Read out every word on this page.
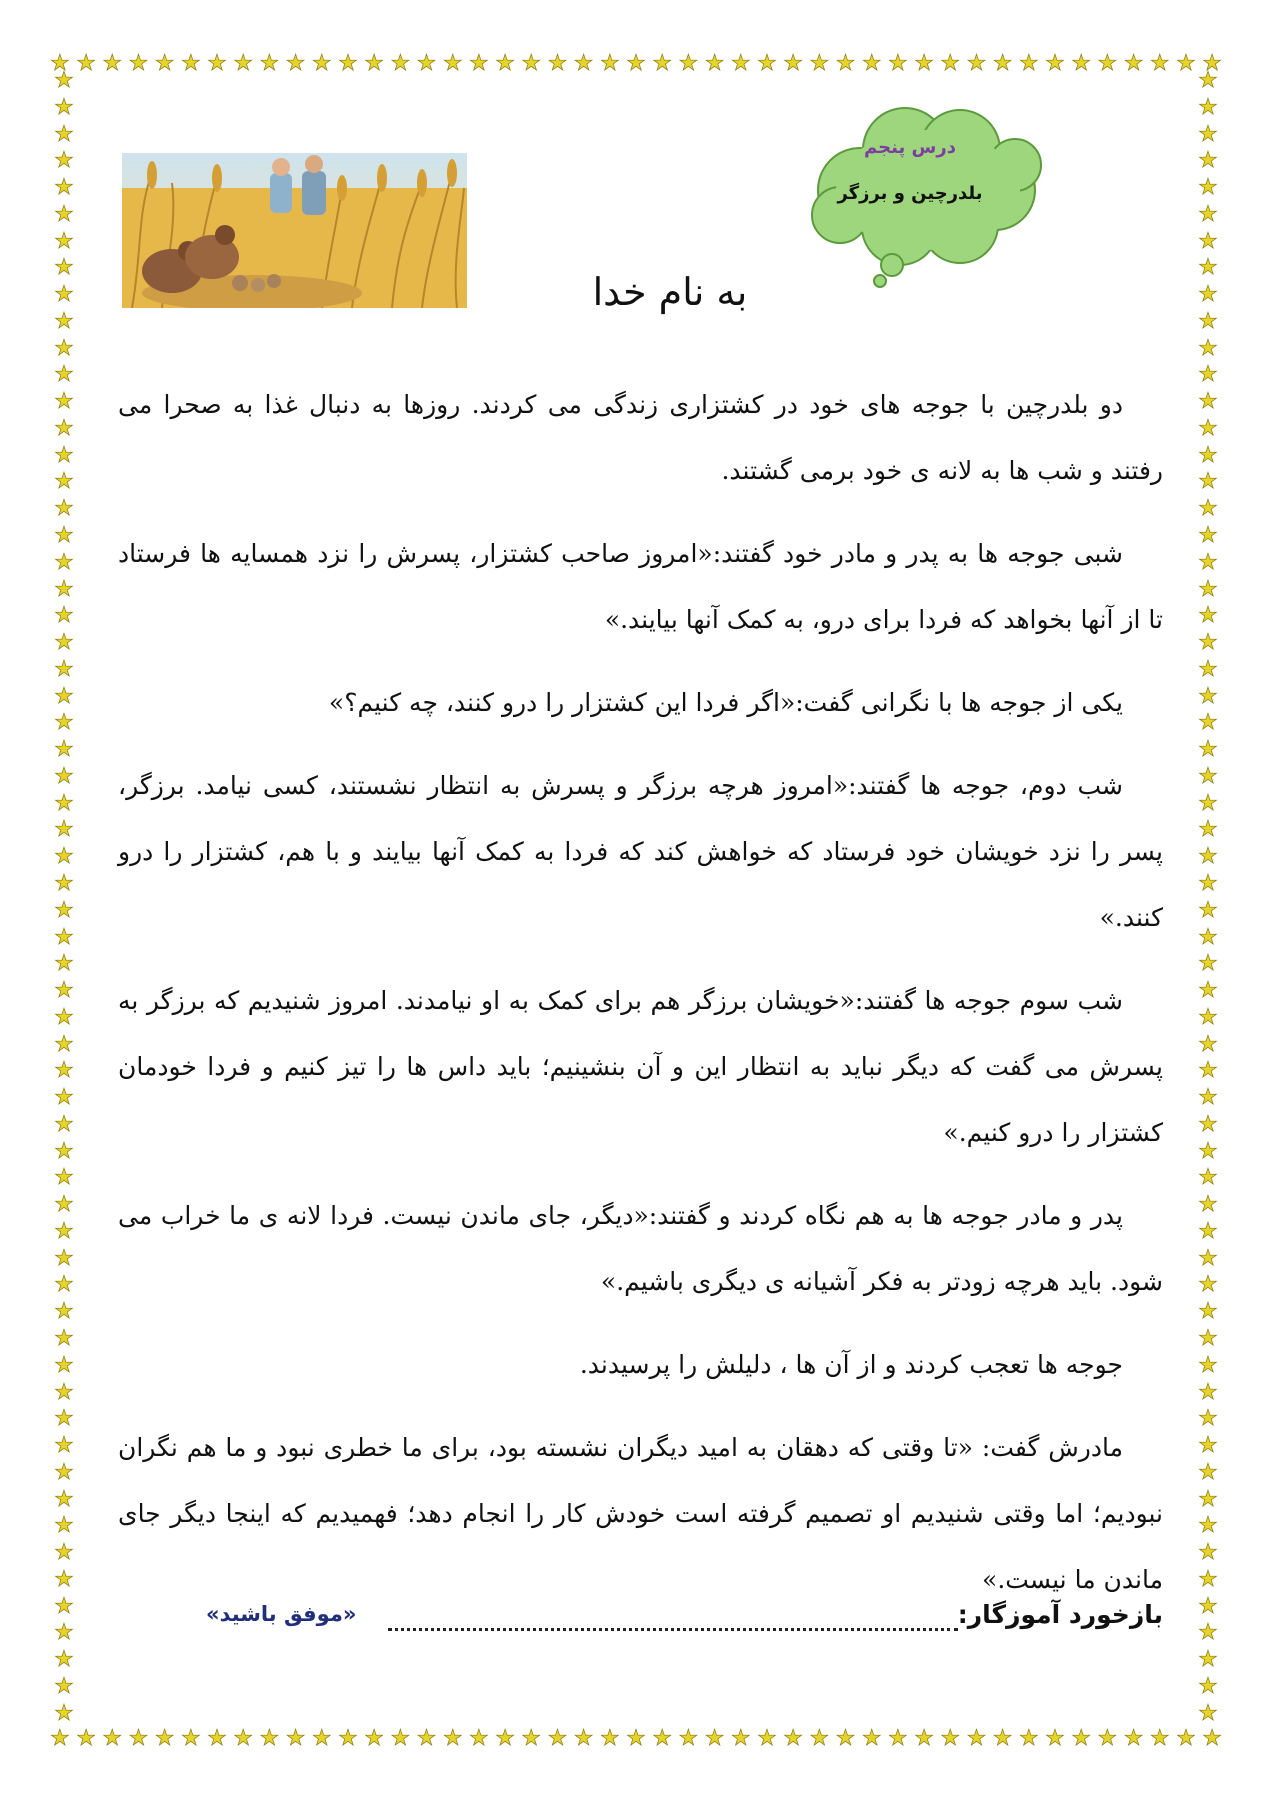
★ ★ ★ ★ ★ ★ ★ ★ ★ ★ ★ ★ ★ ★ ★ ★ ★ ★ ★ ★ ★ ★ ★ ★ ★ ★ ★ ★ ★ ★ ★ ★ ★ ★ ★ ★ ★ ★ ★ ★ ★ ★ ★ ★ ★
★ ★ ★ ★ ★ ★ ★ ★ ★ ★ ★ ★ ★ ★ ★ ★ ★ ★ ★ ★ ★ ★ ★ ★ ★ ★ ★ ★ ★ ★ ★ ★ ★ ★ ★ ★ ★ ★ ★ ★ ★ ★ ★ ★ ★
★
★
★
★
★
★
★
★
★
★
★
★
★
★
★
★
★
★
★
★
★
★
★
★
★
★
★
★
★
★
★
★
★
★
★
★
★
★
★
★
★
★
★
★
★
★
★
★
★
★
★
★
★
★
★
★
★
★
★
★
★
★
★
★
★
★
★
★
★
★
★
★
★
★
★
★
★
★
★
★
★
★
★
★
★
★
★
★
★
★
★
★
★
★
★
★
★
★
★
★
★
★
★
★
★
★
★
★
★
★
★
★
★
★
★
★
★
★
★
★
★
★
★
★
درس پنجم
بلدرچین و برزگر
به نام خدا

دو بلدرچین با جوجه های خود در کشتزاری زندگی می کردند. روزها به دنبال غذا به صحرا می رفتند و شب ها به لانه ی خود برمی گشتند.

شبی جوجه ها به پدر و مادر خود گفتند:«امروز صاحب کشتزار، پسرش را نزد همسایه ها فرستاد تا از آنها بخواهد که فردا برای درو، به کمک آنها بیایند.»

یکی از جوجه ها با نگرانی گفت:«اگر فردا این کشتزار را درو کنند، چه کنیم؟»

شب دوم، جوجه ها گفتند:«امروز هرچه برزگر و پسرش به انتظار نشستند، کسی نیامد. برزگر، پسر را نزد خویشان خود فرستاد که خواهش کند که فردا به کمک آنها بیایند و با هم، کشتزار را درو کنند.»

شب سوم جوجه ها گفتند:«خویشان برزگر هم برای کمک به او نیامدند. امروز شنیدیم که برزگر به پسرش می گفت که دیگر نباید به انتظار این و آن بنشینیم؛ باید داس ها را تیز کنیم و فردا خودمان کشتزار را درو کنیم.»

پدر و مادر جوجه ها به هم نگاه کردند و گفتند:«دیگر، جای ماندن نیست. فردا لانه ی ما خراب می شود. باید هرچه زودتر به فکر آشیانه ی دیگری باشیم.»

جوجه ها تعجب کردند و از آن ها ، دلیلش را پرسیدند.

مادرش گفت: «تا وقتی که دهقان به امید دیگران نشسته بود، برای ما خطری نبود و ما هم نگران نبودیم؛ اما وقتی شنیدیم او تصمیم گرفته است خودش کار را انجام دهد؛ فهمیدیم که اینجا دیگر جای ماندن ما نیست.»

بازخورد آموزگار:
«موفق باشید»
